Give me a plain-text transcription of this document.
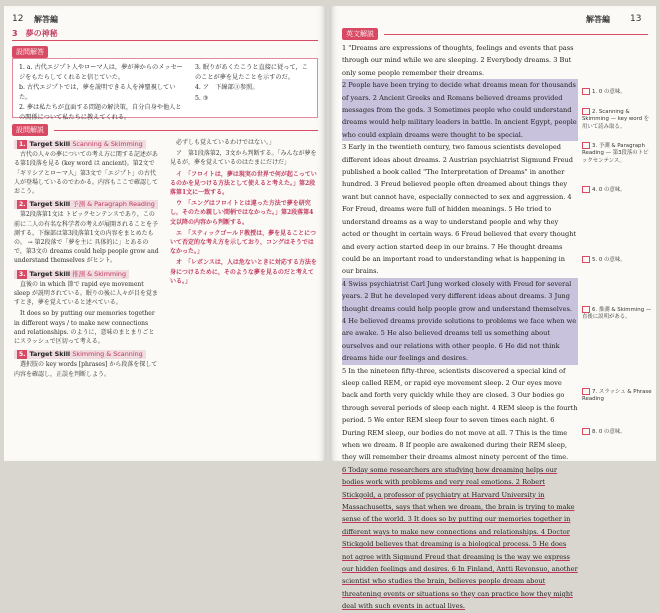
12 解答編
3　夢の神秘
設問解答

1. a. 古代エジプト人やローマ人は，夢が神からのメッセージをもたらしてくれると信じていた。

b. 古代エジプトでは，夢を説明できる人を神聖視していた。

2. 夢は私たちが直面する問題の解決策，自分自身や他人との関係について私たちに教えてくれる。

3. 眠りがあくたこうと直接に従って，このことが夢を見たことを示すのだ。

4. ア　下線部③参照。

5. ③

設問解説
1. Target Skill Scanning & Skimming

古代の人々の夢についての考え方に関する記述がある第1段落を見る (key word は ancient)。第2文で「ギリシアとローマ人」第3文で「エジプト」の古代人が登場しているのでわかる。内容もここで確認しておこう。

2. Target Skill 予測 & Paragraph Reading

第2段落第1文は トピックセンテンスであり，この前に二人の有名な科学者の考えが展開されることを予測する。下線部は第3段落第1文の内容をまとめたもの。 → 第2段落で「夢を主に 具体的に」とあるので，第3文の dreams could help people grow and understand themselves がヒント。

3. Target Skill 推測 & Skimming

直後の in which 節で rapid eye movement sleep が説明されている。眠りの後に人々が目を覚ますとき，夢を覚えていると述べている。

It does so by putting our memories together in different ways / to make new connections and relationships. のように，意味のまとまりごとにスラッシュで区切って考える。

5. Target Skill Skimming & Scanning

選択肢の key words [phrases] から段落を探して内容を確認し，正誤を判断しよう。

必ずしも覚えているわけではない。」

ア　第1段落第2，3文から判断する。「みんなが夢を見るが，夢を覚えているのはたまにだけだ」

イ　「フロイトは，夢は現実の世界で何が起こっているのかを見つける方法として使えると考えた。」第2段落第1文に一致する。

ウ　「ユングはフロイトとは違った方法で夢を研究し，そのため親しい間柄ではなかった。」第2段落第4文以降の内容から判断する。

エ　「スティックゴールド教授は，夢を見ることについて否定的な考え方を示しており，コングはそうではなかった。」

オ　「レポンスは，人は危ないときに対応する方法を身につけるために，そのような夢を見るのだと考えている。」

解答編 13
英文解説

1 "Dreams are expressions of thoughts, feelings and events that pass through our mind while we are sleeping. 2 Everybody dreams. 3 But only some people remember their dreams.

2 People have been trying to decide what dreams mean for thousands of years. 2 Ancient Greeks and Romans believed dreams provided messages from the gods. 3 Sometimes people who could understand dreams would help military leaders in battle. In ancient Egypt, people who could explain dreams were thought to be special.

3 Early in the twentieth century, two famous scientists developed different ideas about dreams. 2 Austrian psychiatrist Sigmund Freud published a book called "The Interpretation of Dreams" in another hundred. 3 Freud believed people often dreamed about things they want but cannot have, especially connected to sex and aggression. 4 For Freud, dreams were full of hidden meanings. 5 He tried to understand dreams as a way to understand people and why they acted or thought in certain ways. 6 Freud believed that every thought and every action started deep in our brains. 7 He thought dreams could be an important road to understanding what is happening in our brains.

4 Swiss psychiatrist Carl Jung worked closely with Freud for several years. 2 But he developed very different ideas about dreams. 3 Jung thought dreams could help people grow and understand themselves. 4 He believed dreams provide solutions to problems we face when we are awake. 5 He also believed dreams tell us something about ourselves and our relations with other people. 6 He did not think dreams hide our feelings and desires.

5 In the nineteen fifty-three, scientists discovered a special kind of sleep called REM, or rapid eye movement sleep. 2 Our eyes move back and forth very quickly while they are closed. 3 Our bodies go through several periods of sleep each night. 4 REM sleep is the fourth period. 5 We enter REM sleep four to seven times each night. 6 During REM sleep, our bodies do not move at all. 7 This is the time when we dream. 8 If people are awakened during their REM sleep, they will remember their dreams almost ninety percent of the time.

6 Today some researchers are studying how dreaming helps our bodies work with problems and very real emotions. 2 Robert Stickgold, a professor of psychiatry at Harvard University in Massachusetts, says that when we dream, the brain is trying to make sense of the world. 3 It does so by putting our memories together in different ways to make new connections and relationships. 4 Doctor Stickgold believes that dreaming is a biological process. 5 He does not agree with Sigmund Freud that dreaming is the way we express our hidden feelings and desires. 6 In Finland, Antti Revonsuo, another scientist who studies the brain, believes people dream about threatening events or situations so they can practice how they might deal with such events in actual lives.

1. 0 の意味。
2. Scanning & Skimming — key word を用いて読み取る。
3. 予測 & Paragraph Reading — 第3段落のトピックセンテンス。
4. 0 の意味。
5. 0 の意味。
6. 推測 & Skimming — 直後に説明がある。
7. スラッシュ & Phrase Reading
8. 0 の意味。
